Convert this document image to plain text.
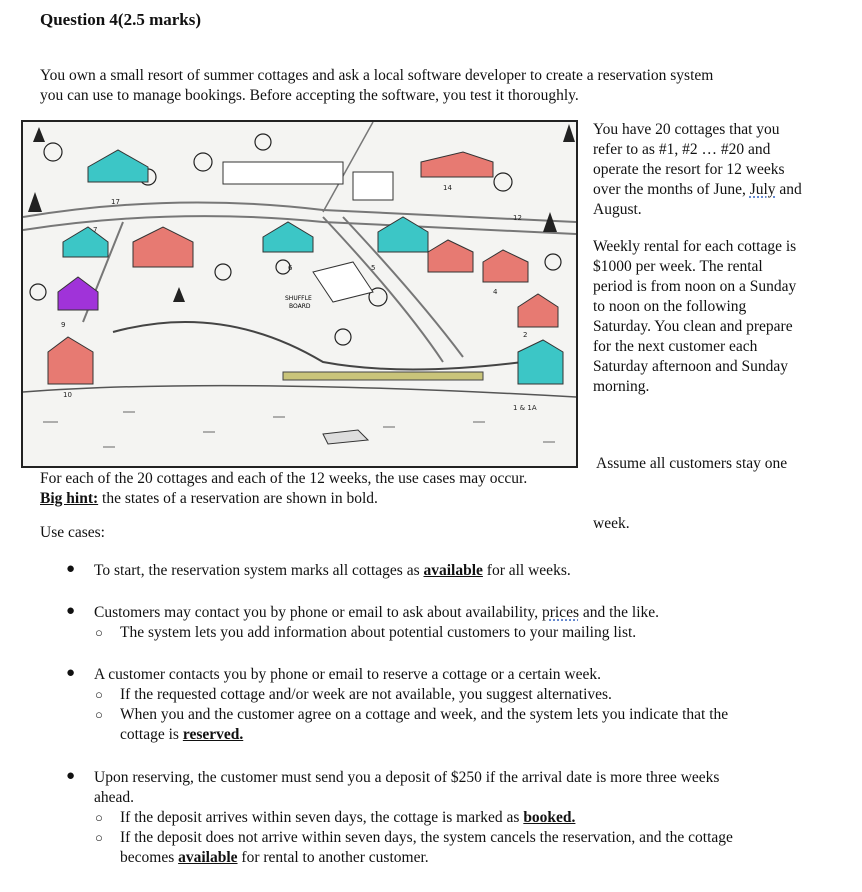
Question 4(2.5 marks)
You own a small resort of summer cottages and ask a local software developer to create a reservation system
you can use to manage bookings. Before accepting the software, you test it thoroughly.
SHUFFLE
BOARD
17
14
12
6	5
7
9
4
2
10
1 & 1A
You have 20 cottages that you
refer to as #1, #2 … #20 and
operate the resort for 12 weeks
over the months of June, July and
August.
Weekly rental for each cottage is
$1000 per week. The rental
period is from noon on a Sunday
to noon on the following
Saturday. You clean and prepare
for the next customer each
Saturday afternoon and Sunday
morning.

Assume all customers stay one

week.

For each of the 20 cottages and each of the 12 weeks, the use cases may occur.
Big hint: the states of a reservation are shown in bold.
Use cases:
● To start, the reservation system marks all cottages as available for all weeks.
● Customers may contact you by phone or email to ask about availability, prices and the like.
○ The system lets you add information about potential customers to your mailing list.
● A customer contacts you by phone or email to reserve a cottage or a certain week.
○ If the requested cottage and/or week are not available, you suggest alternatives.
○ When you and the customer agree on a cottage and week, and the system lets you indicate that the
cottage is reserved.
● Upon reserving, the customer must send you a deposit of $250 if the arrival date is more three weeks
ahead.
○ If the deposit arrives within seven days, the cottage is marked as booked.
○ If the deposit does not arrive within seven days, the system cancels the reservation, and the cottage
becomes available for rental to another customer.
